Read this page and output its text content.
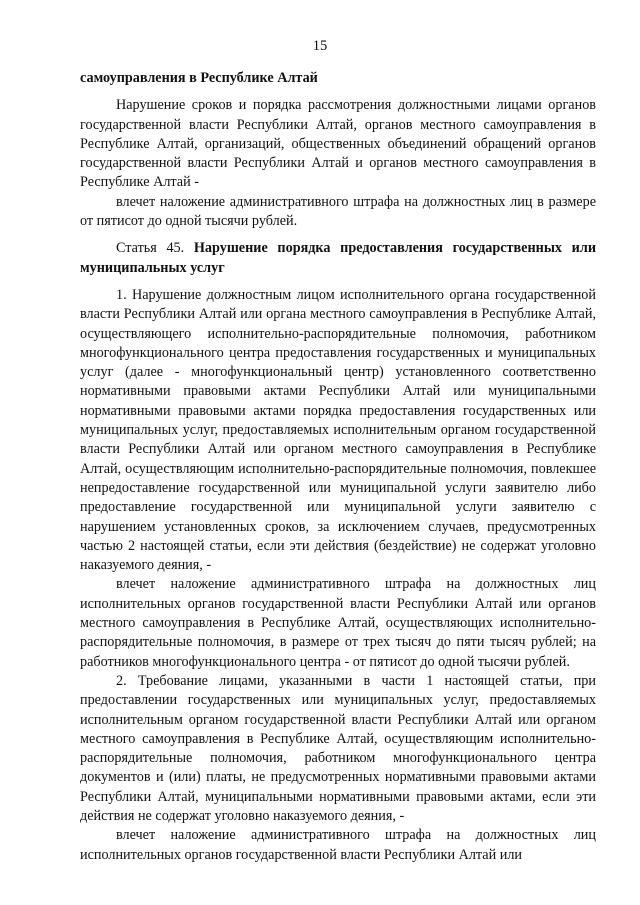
15

самоуправления в Республике Алтай

Нарушение сроков и порядка рассмотрения должностными лицами органов государственной власти Республики Алтай, органов местного самоуправления в Республике Алтай, организаций, общественных объединений обращений органов государственной власти Республики Алтай и органов местного самоуправления в Республике Алтай -

влечет наложение административного штрафа на должностных лиц в размере от пятисот до одной тысячи рублей.

Статья 45. Нарушение порядка предоставления государственных или муниципальных услуг

1. Нарушение должностным лицом исполнительного органа государственной власти Республики Алтай или органа местного самоуправления в Республике Алтай, осуществляющего исполнительно-распорядительные полномочия, работником многофункционального центра предоставления государственных и муниципальных услуг (далее - многофункциональный центр) установленного соответственно нормативными правовыми актами Республики Алтай или муниципальными нормативными правовыми актами порядка предоставления государственных или муниципальных услуг, предоставляемых исполнительным органом государственной власти Республики Алтай или органом местного самоуправления в Республике Алтай, осуществляющим исполнительно-распорядительные полномочия, повлекшее непредоставление государственной или муниципальной услуги заявителю либо предоставление государственной или муниципальной услуги заявителю с нарушением установленных сроков, за исключением случаев, предусмотренных частью 2 настоящей статьи, если эти действия (бездействие) не содержат уголовно наказуемого деяния, -

влечет наложение административного штрафа на должностных лиц исполнительных органов государственной власти Республики Алтай или органов местного самоуправления в Республике Алтай, осуществляющих исполнительно-распорядительные полномочия, в размере от трех тысяч до пяти тысяч рублей; на работников многофункционального центра - от пятисот до одной тысячи рублей.

2. Требование лицами, указанными в части 1 настоящей статьи, при предоставлении государственных или муниципальных услуг, предоставляемых исполнительным органом государственной власти Республики Алтай или органом местного самоуправления в Республике Алтай, осуществляющим исполнительно-распорядительные полномочия, работником многофункционального центра документов и (или) платы, не предусмотренных нормативными правовыми актами Республики Алтай, муниципальными нормативными правовыми актами, если эти действия не содержат уголовно наказуемого деяния, -

влечет наложение административного штрафа на должностных лиц исполнительных органов государственной власти Республики Алтай или
